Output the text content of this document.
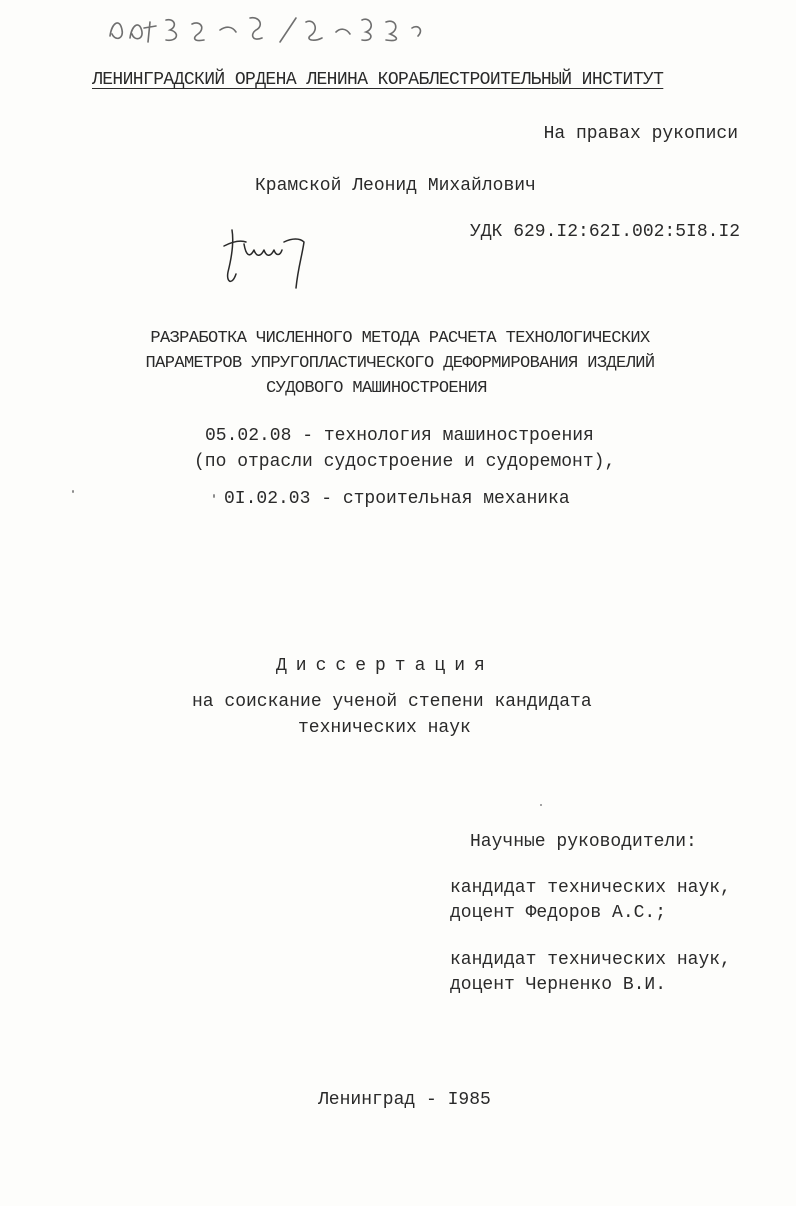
ЛЕНИНГРАДСКИЙ ОРДЕНА ЛЕНИНА КОРАБЛЕСТРОИТЕЛЬНЫЙ ИНСТИТУТ
На правах рукописи
Крамской Леонид Михайлович
УДК 629.I2:62I.002:5I8.I2
РАЗРАБОТКА ЧИСЛЕННОГО МЕТОДА РАСЧЕТА ТЕХНОЛОГИЧЕСКИХ
ПАРАМЕТРОВ УПРУГОПЛАСТИЧЕСКОГО ДЕФОРМИРОВАНИЯ ИЗДЕЛИЙ
СУДОВОГО МАШИНОСТРОЕНИЯ
05.02.08 - технология машиностроения
(по отрасли судостроение и судоремонт),
0I.02.03 - строительная механика
Диссертация
на соискание ученой степени кандидата
технических наук
Научные руководители:
кандидат технических наук,
доцент Федоров А.С.;
кандидат технических наук,
доцент Черненко В.И.
Ленинград - I985
